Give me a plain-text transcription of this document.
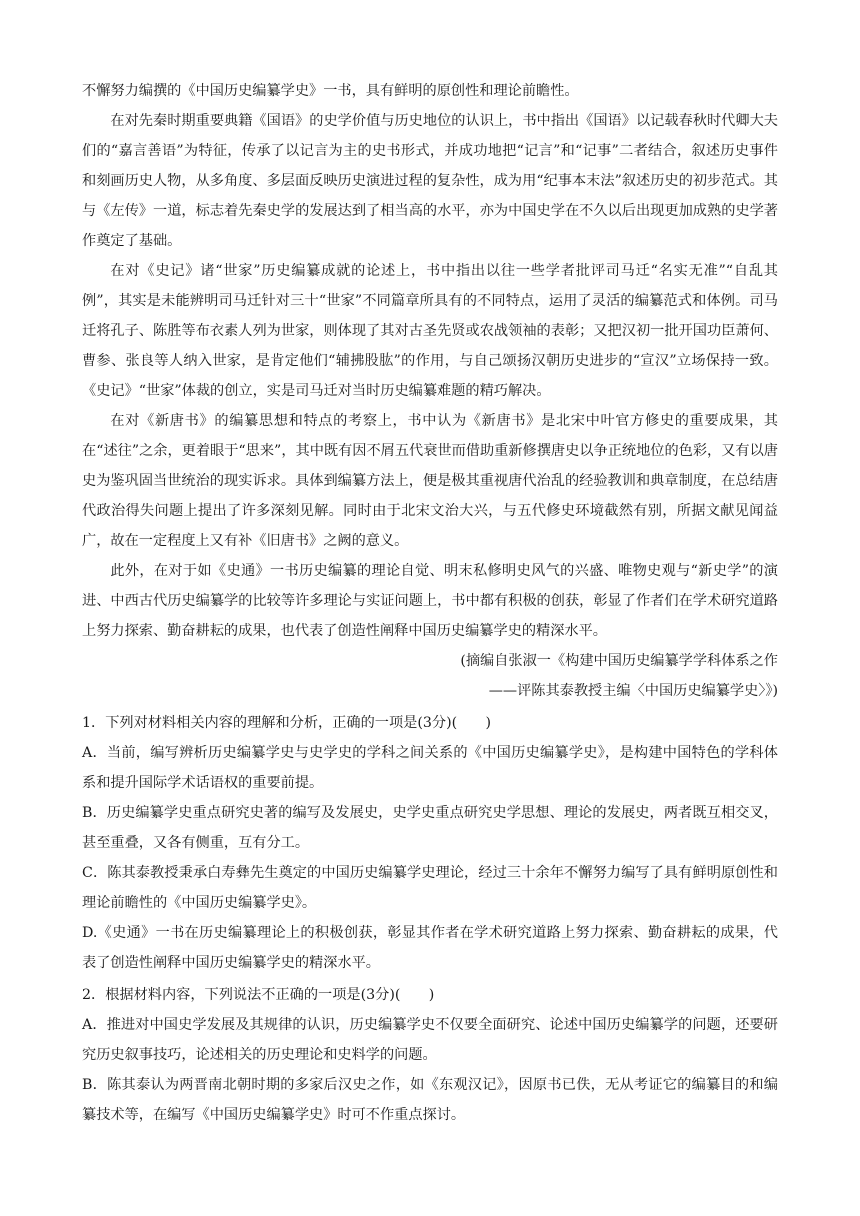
不懈努力编撰的《中国历史编纂学史》一书，具有鲜明的原创性和理论前瞻性。

在对先秦时期重要典籍《国语》的史学价值与历史地位的认识上，书中指出《国语》以记载春秋时代卿大夫们的“嘉言善语”为特征，传承了以记言为主的史书形式，并成功地把“记言”和“记事”二者结合，叙述历史事件和刻画历史人物，从多角度、多层面反映历史演进过程的复杂性，成为用“纪事本末法”叙述历史的初步范式。其与《左传》一道，标志着先秦史学的发展达到了相当高的水平，亦为中国史学在不久以后出现更加成熟的史学著作奠定了基础。

在对《史记》诸“世家”历史编纂成就的论述上，书中指出以往一些学者批评司马迁“名实无准”“自乱其例”，其实是未能辨明司马迁针对三十“世家”不同篇章所具有的不同特点，运用了灵活的编纂范式和体例。司马迁将孔子、陈胜等布衣素人列为世家，则体现了其对古圣先贤或农战领袖的表彰；又把汉初一批开国功臣萧何、曹参、张良等人纳入世家，是肯定他们“辅拂股肱”的作用，与自己颂扬汉朝历史进步的“宣汉”立场保持一致。《史记》“世家”体裁的创立，实是司马迁对当时历史编纂难题的精巧解决。

在对《新唐书》的编纂思想和特点的考察上，书中认为《新唐书》是北宋中叶官方修史的重要成果，其在“述往”之余，更着眼于“思来”，其中既有因不屑五代衰世而借助重新修撰唐史以争正统地位的色彩，又有以唐史为鉴巩固当世统治的现实诉求。具体到编纂方法上，便是极其重视唐代治乱的经验教训和典章制度，在总结唐代政治得失问题上提出了许多深刻见解。同时由于北宋文治大兴，与五代修史环境截然有别，所据文献见闻益广，故在一定程度上又有补《旧唐书》之阙的意义。

此外，在对于如《史通》一书历史编纂的理论自觉、明末私修明史风气的兴盛、唯物史观与“新史学”的演进、中西古代历史编纂学的比较等许多理论与实证问题上，书中都有积极的创获，彰显了作者们在学术研究道路上努力探索、勤奋耕耘的成果，也代表了创造性阐释中国历史编纂学史的精深水平。

(摘编自张淑一《构建中国历史编纂学学科体系之作

——评陈其泰教授主编〈中国历史编纂学史〉》)

1．下列对材料相关内容的理解和分析，正确的一项是(3分)(　　)

A．当前，编写辨析历史编纂学史与史学史的学科之间关系的《中国历史编纂学史》，是构建中国特色的学科体系和提升国际学术话语权的重要前提。

B．历史编纂学史重点研究史著的编写及发展史，史学史重点研究史学思想、理论的发展史，两者既互相交叉，甚至重叠，又各有侧重，互有分工。

C．陈其泰教授秉承白寿彝先生奠定的中国历史编纂学史理论，经过三十余年不懈努力编写了具有鲜明原创性和理论前瞻性的《中国历史编纂学史》。

D.《史通》一书在历史编纂理论上的积极创获，彰显其作者在学术研究道路上努力探索、勤奋耕耘的成果，代表了创造性阐释中国历史编纂学史的精深水平。

2．根据材料内容，下列说法不正确的一项是(3分)(　　)

A．推进对中国史学发展及其规律的认识，历史编纂学史不仅要全面研究、论述中国历史编纂学的问题，还要研究历史叙事技巧，论述相关的历史理论和史料学的问题。

B．陈其泰认为两晋南北朝时期的多家后汉史之作，如《东观汉记》，因原书已佚，无从考证它的编纂目的和编纂技术等，在编写《中国历史编纂学史》时可不作重点探讨。
